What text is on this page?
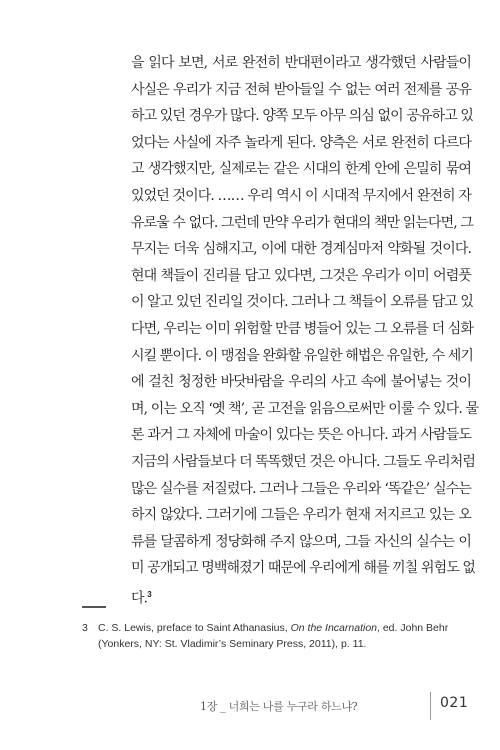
을 읽다 보면, 서로 완전히 반대편이라고 생각했던 사람들이
사실은 우리가 지금 전혀 받아들일 수 없는 여러 전제를 공유
하고 있던 경우가 많다. 양쪽 모두 아무 의심 없이 공유하고 있
었다는 사실에 자주 놀라게 된다. 양측은 서로 완전히 다르다
고 생각했지만, 실제로는 같은 시대의 한계 안에 은밀히 묶여
있었던 것이다. …… 우리 역시 이 시대적 무지에서 완전히 자
유로울 수 없다. 그런데 만약 우리가 현대의 책만 읽는다면, 그
무지는 더욱 심해지고, 이에 대한 경계심마저 약화될 것이다.
현대 책들이 진리를 담고 있다면, 그것은 우리가 이미 어렴풋
이 알고 있던 진리일 것이다. 그러나 그 책들이 오류를 담고 있
다면, 우리는 이미 위험할 만큼 병들어 있는 그 오류를 더 심화
시킬 뿐이다. 이 맹점을 완화할 유일한 해법은 유일한, 수 세기
에 걸친 청정한 바닷바람을 우리의 사고 속에 불어넣는 것이
며, 이는 오직 ‘옛 책’, 곧 고전을 읽음으로써만 이룰 수 있다. 물
론 과거 그 자체에 마술이 있다는 뜻은 아니다. 과거 사람들도
지금의 사람들보다 더 똑똑했던 것은 아니다. 그들도 우리처럼
많은 실수를 저질렀다. 그러나 그들은 우리와 ‘똑같은’ 실수는
하지 않았다. 그러기에 그들은 우리가 현재 저지르고 있는 오
류를 달콤하게 정당화해 주지 않으며, 그들 자신의 실수는 이
미 공개되고 명백해졌기 때문에 우리에게 해를 끼칠 위험도 없
다.$^3$
3 C. S. Lewis, preface to Saint Athanasius, On the Incarnation, ed. John Behr
(Yonkers, NY: St. Vladimir’s Seminary Press, 2011), p. 11.
1장 _ 너희는 나를 누구라 하느냐?	021
